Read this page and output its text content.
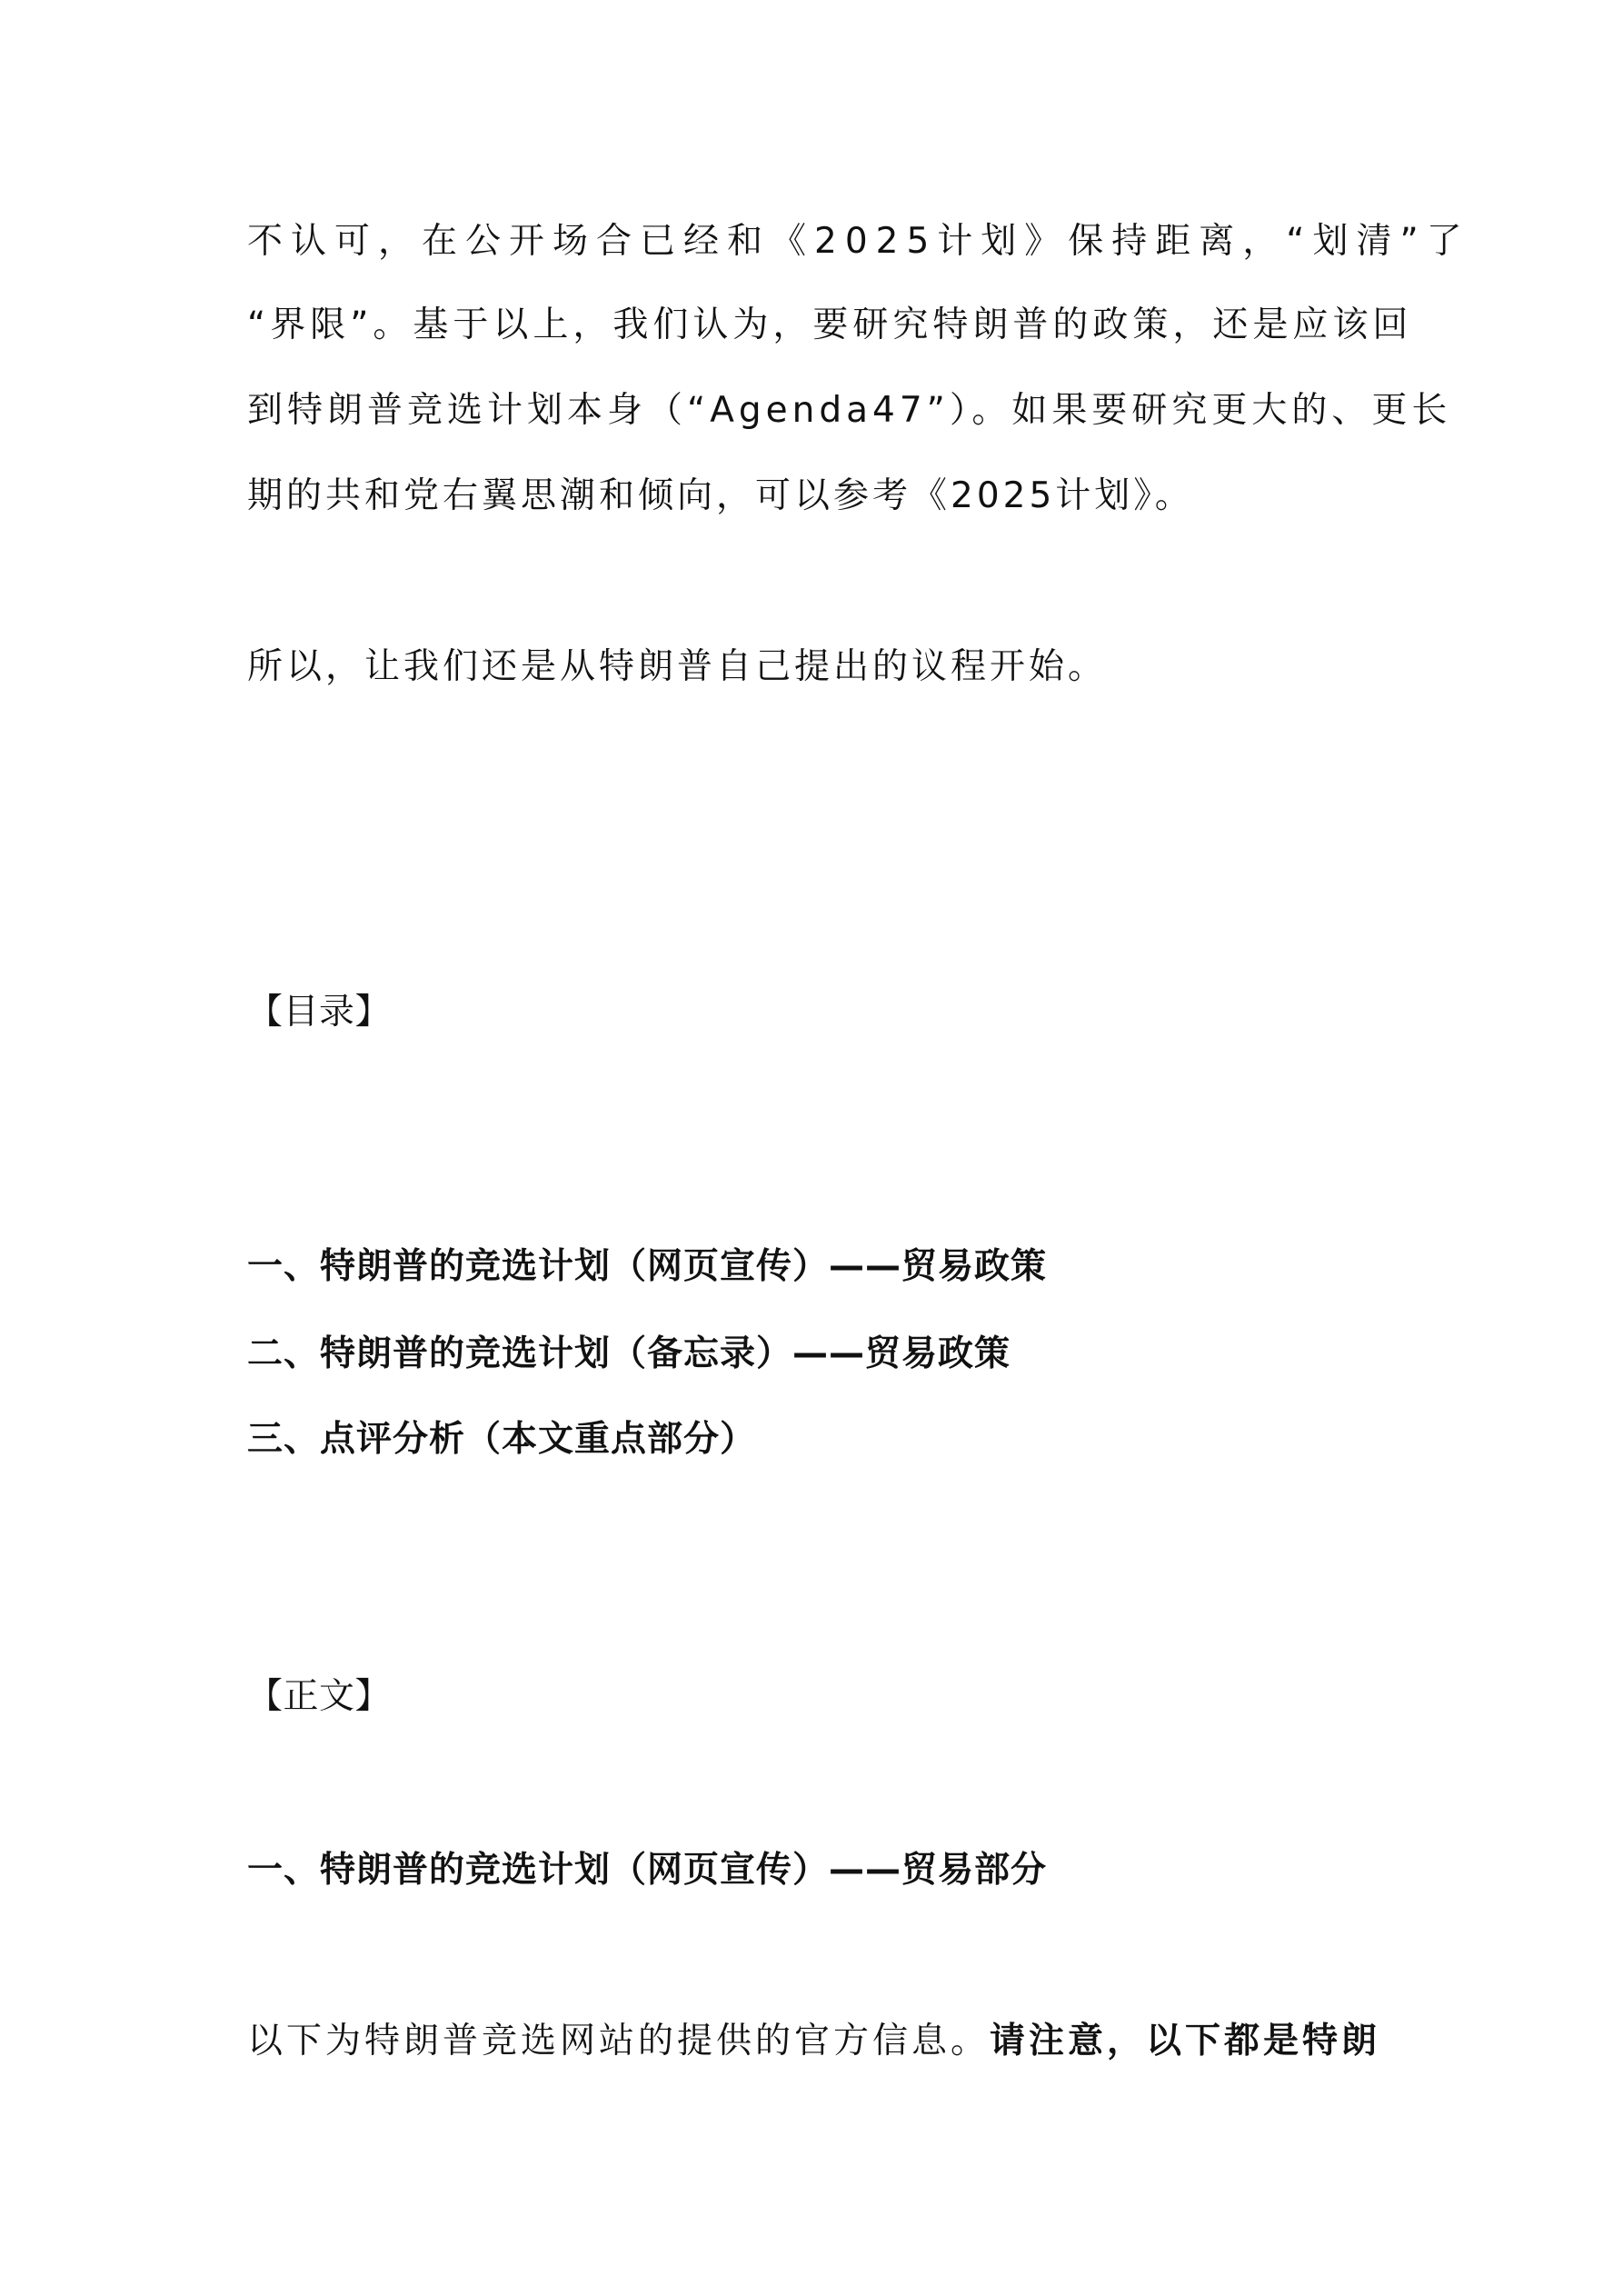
不认可，在公开场合已经和《2025计划》保持距离，“划清”了
“界限”。基于以上，我们认为，要研究特朗普的政策，还是应该回
到特朗普竞选计划本身（“Agenda47”）。如果要研究更大的、更长
期的共和党右翼思潮和倾向，可以参考《2025计划》。
所以，让我们还是从特朗普自己提出的议程开始。
【目录】
一、特朗普的竞选计划（网页宣传）——贸易政策
二、特朗普的竞选计划（备忘录）——贸易政策
三、点评分析（本文重点部分）
【正文】
一、特朗普的竞选计划（网页宣传）——贸易部分
以下为特朗普竞选网站的提供的官方信息。请注意，以下都是特朗
